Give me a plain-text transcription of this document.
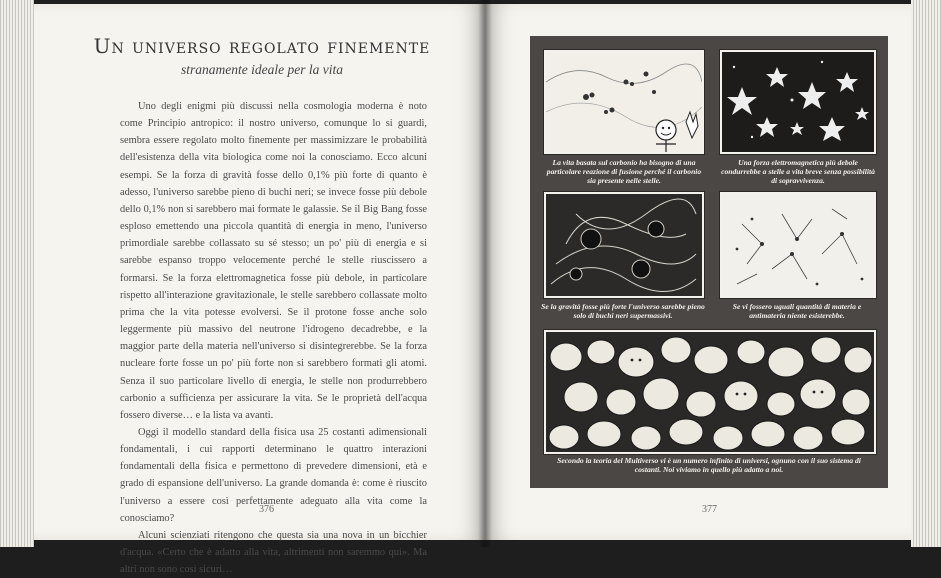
Un universo regolato finemente
stranamente ideale per la vita

Uno degli enigmi più discussi nella cosmologia moderna è noto come Principio antropico: il nostro universo, comunque lo si guardi, sembra essere regolato molto finemente per massimizzare le probabilità dell'esistenza della vita biologica come noi la conosciamo. Ecco alcuni esempi. Se la forza di gravità fosse dello 0,1% più forte di quanto è adesso, l'universo sarebbe pieno di buchi neri; se invece fosse più debole dello 0,1% non si sarebbero mai formate le galassie. Se il Big Bang fosse esploso emettendo una piccola quantità di energia in meno, l'universo primordiale sarebbe collassato su sé stesso; un po' più di energia e si sarebbe espanso troppo velocemente perché le stelle riuscissero a formarsi. Se la forza elettromagnetica fosse più debole, in particolare rispetto all'interazione gravitazionale, le stelle sarebbero collassate molto prima che la vita potesse evolversi. Se il protone fosse anche solo leggermente più massivo del neutrone l'idrogeno decadrebbe, e la maggior parte della materia nell'universo si disintegrerebbe. Se la forza nucleare forte fosse un po' più forte non si sarebbero formati gli atomi. Senza il suo particolare livello di energia, le stelle non produrrebbero carbonio a sufficienza per assicurare la vita. Se le proprietà dell'acqua fossero diverse… e la lista va avanti.

Oggi il modello standard della fisica usa 25 costanti adimensionali fondamentali, i cui rapporti determinano le quattro interazioni fondamentali della fisica e permettono di prevedere dimensioni, età e grado di espansione dell'universo. La grande domanda è: come è riuscito l'universo a essere così perfettamente adeguato alla vita come la conosciamo?

Alcuni scienziati ritengono che questa sia una nova in un bicchier d'acqua. «Certo che è adatto alla vita, altrimenti non saremmo qui». Ma altri non sono così sicuri…

376
La vita basata sul carbonio ha bisogno di una particolare reazione di fusione perché il carbonio sia presente nelle stelle.
Una forza elettromagnetica più debole condurrebbe a stelle a vita breve senza possibilità di sopravvivenza.
Se la gravità fosse più forte l'universo sarebbe pieno solo di buchi neri supermassivi.
Se vi fossero uguali quantità di materia e antimateria niente esisterebbe.
Secondo la teoria del Multiverso vi è un numero infinito di universi, ognuno con il suo sistema di costanti. Noi viviamo in quello più adatto a noi.
377
